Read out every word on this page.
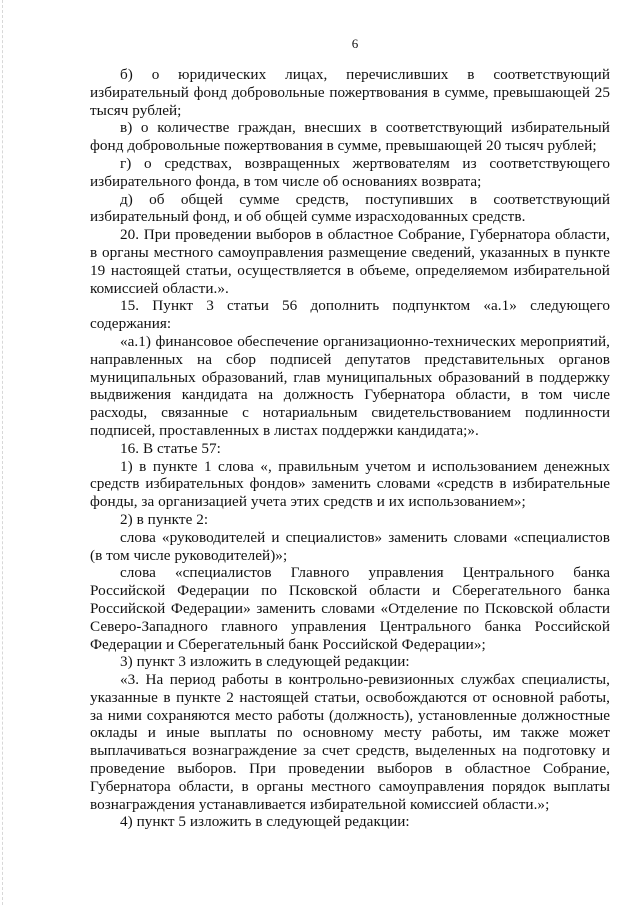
6

б) о юридических лицах, перечисливших в соответствующий избирательный фонд добровольные пожертвования в сумме, превышающей 25 тысяч рублей;

в) о количестве граждан, внесших в соответствующий избирательный фонд добровольные пожертвования в сумме, превышающей 20 тысяч рублей;

г) о средствах, возвращенных жертвователям из соответствующего избирательного фонда, в том числе об основаниях возврата;

д) об общей сумме средств, поступивших в соответствующий избирательный фонд, и об общей сумме израсходованных средств.

20. При проведении выборов в областное Собрание, Губернатора области, в органы местного самоуправления размещение сведений, указанных в пункте 19 настоящей статьи, осуществляется в объеме, определяемом избирательной комиссией области.».

15. Пункт 3 статьи 56 дополнить подпунктом «а.1» следующего содержания:

«а.1) финансовое обеспечение организационно-технических мероприятий, направленных на сбор подписей депутатов представительных органов муниципальных образований, глав муниципальных образований в поддержку выдвижения кандидата на должность Губернатора области, в том числе расходы, связанные с нотариальным свидетельствованием подлинности подписей, проставленных в листах поддержки кандидата;».

16. В статье 57:

1) в пункте 1 слова «, правильным учетом и использованием денежных средств избирательных фондов» заменить словами «средств в избирательные фонды, за организацией учета этих средств и их использованием»;

2) в пункте 2:

слова «руководителей и специалистов» заменить словами «специалистов (в том числе руководителей)»;

слова «специалистов Главного управления Центрального банка Российской Федерации по Псковской области и Сберегательного банка Российской Федерации» заменить словами «Отделение по Псковской области Северо-Западного главного управления Центрального банка Российской Федерации и Сберегательный банк Российской Федерации»;

3) пункт 3 изложить в следующей редакции:

«3. На период работы в контрольно-ревизионных службах специалисты, указанные в пункте 2 настоящей статьи, освобождаются от основной работы, за ними сохраняются место работы (должность), установленные должностные оклады и иные выплаты по основному месту работы, им также может выплачиваться вознаграждение за счет средств, выделенных на подготовку и проведение выборов. При проведении выборов в областное Собрание, Губернатора области, в органы местного самоуправления порядок выплаты вознаграждения устанавливается избирательной комиссией области.»;

4) пункт 5 изложить в следующей редакции:
